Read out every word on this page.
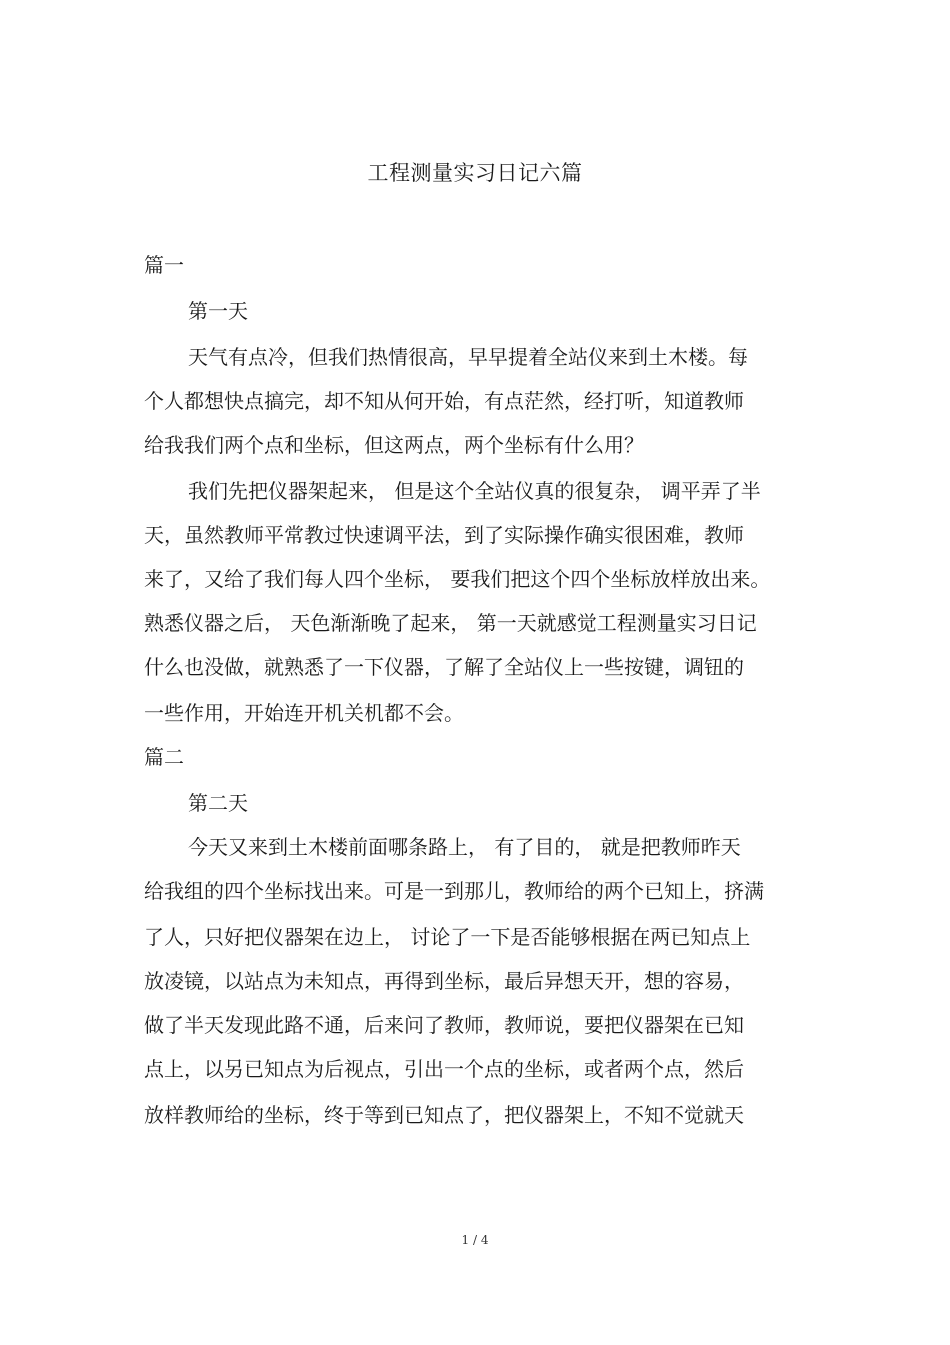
工程测量实习日记六篇
篇一
第一天
天气有点冷，但我们热情很高，早早提着全站仪来到土木楼。每
个人都想快点搞完，却不知从何开始，有点茫然，经打听，知道教师
给我我们两个点和坐标，但这两点，两个坐标有什么用？
我们先把仪器架起来， 但是这个全站仪真的很复杂， 调平弄了半
天，虽然教师平常教过快速调平法，到了实际操作确实很困难，教师
来了，又给了我们每人四个坐标， 要我们把这个四个坐标放样放出来。
熟悉仪器之后， 天色渐渐晚了起来， 第一天就感觉工程测量实习日记
什么也没做，就熟悉了一下仪器，了解了全站仪上一些按键，调钮的
一些作用，开始连开机关机都不会。
篇二
第二天
今天又来到土木楼前面哪条路上， 有了目的， 就是把教师昨天
给我组的四个坐标找出来。可是一到那儿，教师给的两个已知上，挤满
了人，只好把仪器架在边上， 讨论了一下是否能够根据在两已知点上
放凌镜，以站点为未知点，再得到坐标，最后异想天开，想的容易，
做了半天发现此路不通，后来问了教师，教师说，要把仪器架在已知
点上，以另已知点为后视点，引出一个点的坐标，或者两个点，然后
放样教师给的坐标，终于等到已知点了，把仪器架上，不知不觉就天
1 / 4
